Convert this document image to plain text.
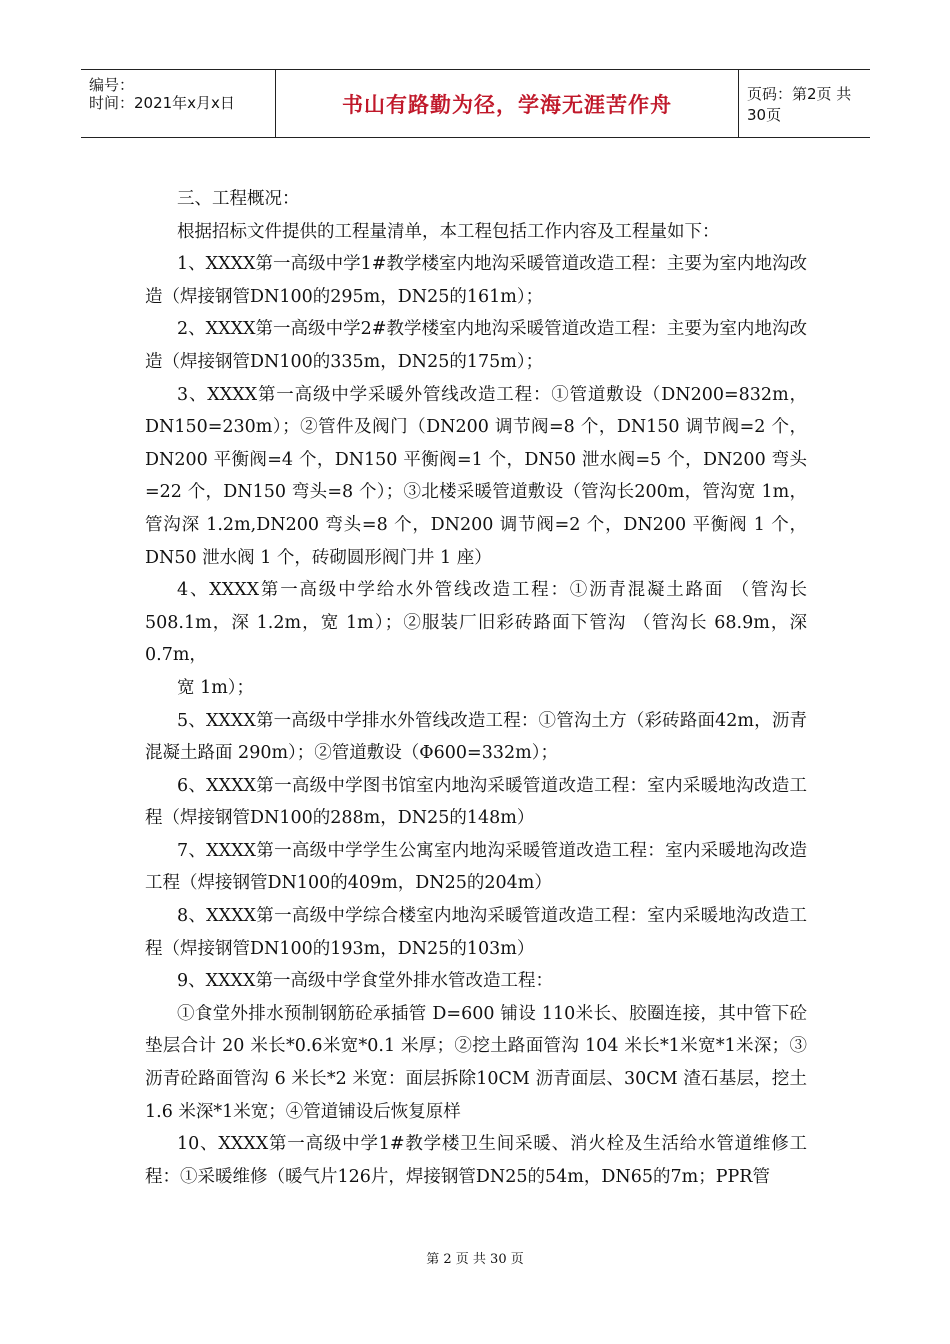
编号：
时间：2021年x月x日	书山有路勤为径，学海无涯苦作舟	页码：第2页 共30页

三、工程概况：

根据招标文件提供的工程量清单，本工程包括工作内容及工程量如下：

1、XXXX第一高级中学1#教学楼室内地沟采暖管道改造工程：主要为室内地沟改造（焊接钢管DN100的295m，DN25的161m）；

2、XXXX第一高级中学2#教学楼室内地沟采暖管道改造工程：主要为室内地沟改造（焊接钢管DN100的335m，DN25的175m）；

3、XXXX第一高级中学采暖外管线改造工程：①管道敷设（DN200=832m，DN150=230m）；②管件及阀门（DN200 调节阀=8 个，DN150 调节阀=2 个，DN200 平衡阀=4 个，DN150 平衡阀=1 个，DN50 泄水阀=5 个，DN200 弯头=22 个，DN150 弯头=8 个）；③北楼采暖管道敷设（管沟长200m，管沟宽 1m，管沟深 1.2m,DN200 弯头=8 个，DN200 调节阀=2 个，DN200 平衡阀 1 个，DN50 泄水阀 1 个，砖砌圆形阀门井 1 座）

4、XXXX第一高级中学给水外管线改造工程：①沥青混凝土路面 （管沟长508.1m，深 1.2m，宽 1m）；②服装厂旧彩砖路面下管沟 （管沟长 68.9m，深0.7m，

宽 1m）；

5、XXXX第一高级中学排水外管线改造工程：①管沟土方（彩砖路面42m，沥青混凝土路面 290m）；②管道敷设（Φ600=332m）；

6、XXXX第一高级中学图书馆室内地沟采暖管道改造工程：室内采暖地沟改造工程（焊接钢管DN100的288m，DN25的148m）

7、XXXX第一高级中学学生公寓室内地沟采暖管道改造工程：室内采暖地沟改造工程（焊接钢管DN100的409m，DN25的204m）

8、XXXX第一高级中学综合楼室内地沟采暖管道改造工程：室内采暖地沟改造工程（焊接钢管DN100的193m，DN25的103m）

9、XXXX第一高级中学食堂外排水管改造工程：

①食堂外排水预制钢筋砼承插管 D=600 铺设 110米长、胶圈连接，其中管下砼垫层合计 20 米长*0.6米宽*0.1 米厚；②挖土路面管沟 104 米长*1米宽*1米深；③沥青砼路面管沟 6 米长*2 米宽：面层拆除10CM 沥青面层、30CM 渣石基层，挖土 1.6 米深*1米宽；④管道铺设后恢复原样

10、XXXX第一高级中学1#教学楼卫生间采暖、消火栓及生活给水管道维修工程：①采暖维修（暖气片126片，焊接钢管DN25的54m，DN65的7m；PPR管

第 2 页 共 30 页
